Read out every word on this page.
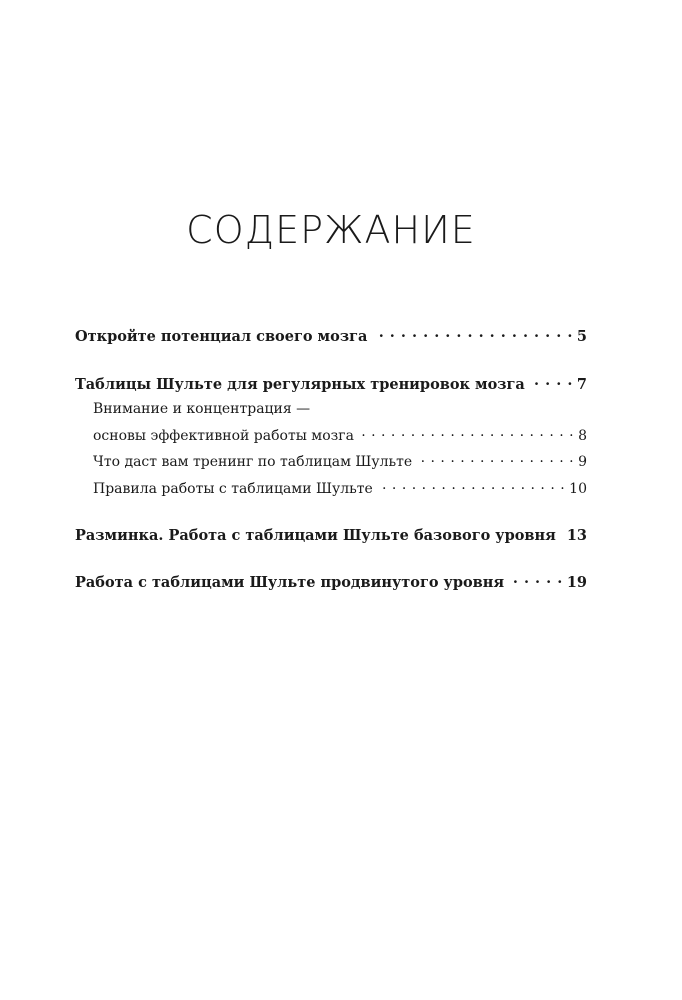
СОДЕРЖАНИЕ
Откройте потенциал своего мозга . . .	5
Таблицы Шульте для регулярных тренировок мозга . . .	7
Внимание и концентрация —
основы эффективной работы мозга . . .	8
Что даст вам тренинг по таблицам Шульте . . .	9
Правила работы с таблицами Шульте . . .	10
Разминка. Работа с таблицами Шульте базового уровня . . . 13
Работа с таблицами Шульте продвинутого уровня . . .	19
